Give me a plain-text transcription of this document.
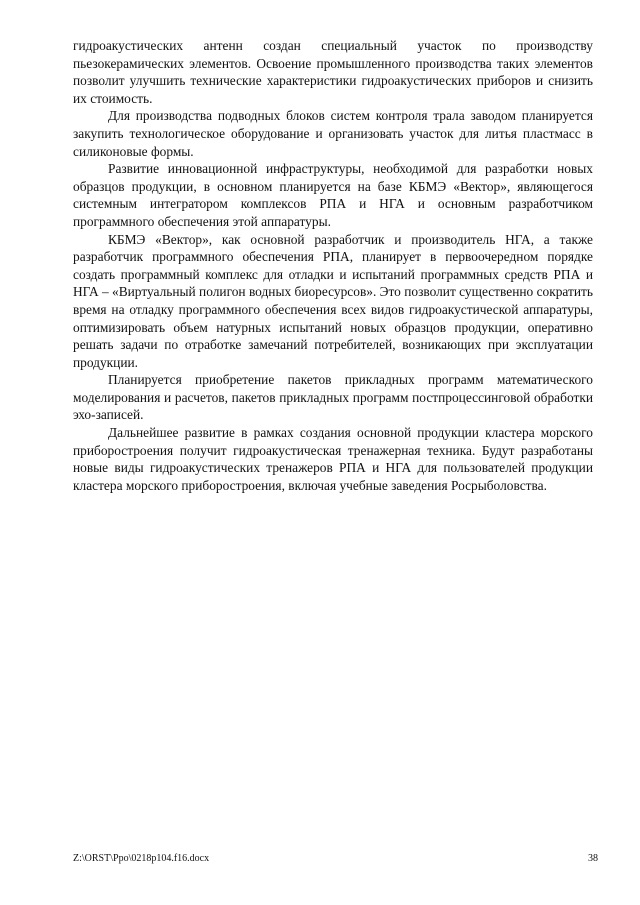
гидроакустических антенн создан специальный участок по производству пьезокерамических элементов. Освоение промышленного производства таких элементов позволит улучшить технические характеристики гидроакустических приборов и снизить их стоимость.

Для производства подводных блоков систем контроля трала заводом планируется закупить технологическое оборудование и организовать участок для литья пластмасс в силиконовые формы.

Развитие инновационной инфраструктуры, необходимой для разработки новых образцов продукции, в основном планируется на базе КБМЭ «Вектор», являющегося системным интегратором комплексов РПА и НГА и основным разработчиком программного обеспечения этой аппаратуры.

КБМЭ «Вектор», как основной разработчик и производитель НГА, а также разработчик программного обеспечения РПА, планирует в первоочередном порядке создать программный комплекс для отладки и испытаний программных средств РПА и НГА – «Виртуальный полигон водных биоресурсов». Это позволит существенно сократить время на отладку программного обеспечения всех видов гидроакустической аппаратуры, оптимизировать объем натурных испытаний новых образцов продукции, оперативно решать задачи по отработке замечаний потребителей, возникающих при эксплуатации продукции.

Планируется приобретение пакетов прикладных программ математического моделирования и расчетов, пакетов прикладных программ постпроцессинговой обработки эхо-записей.

Дальнейшее развитие в рамках создания основной продукции кластера морского приборостроения получит гидроакустическая тренажерная техника. Будут разработаны новые виды гидроакустических тренажеров РПА и НГА для пользователей продукции кластера морского приборостроения, включая учебные заведения Росрыболовства.

Z:\ORST\Ppo\0218p104.f16.docx	38
